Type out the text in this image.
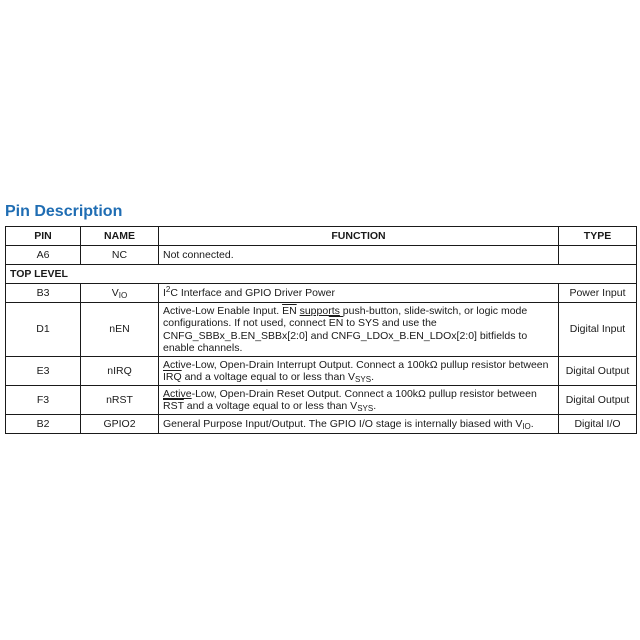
Pin Description
PIN	NAME	FUNCTION	TYPE
A6	NC	Not connected.	
TOP LEVEL			
B3	$V_{IO}$	$I^2C$ Interface and GPIO Driver Power	Power Input
D1	nEN	Active-Low Enable Input. $\overline{EN}$ supports push-button, slide-switch, or logic mode configurations. If not used, connect $\overline{EN}$ to SYS and use the CNFG_SBBx_B.EN_SBBx[2:0] and CNFG_LDOx_B.EN_LDOx[2:0] bitfields to enable channels.	Digital Input
E3	nIRQ	Active-Low, Open-Drain Interrupt Output. Connect a 100kΩ pullup resistor between $\overline{IRQ}$ and a voltage equal to or less than $V_{SYS}$.	Digital Output
F3	nRST	Active-Low, Open-Drain Reset Output. Connect a 100kΩ pullup resistor between $\overline{RST}$ and a voltage equal to or less than $V_{SYS}$.	Digital Output
B2	GPIO2	General Purpose Input/Output. The GPIO I/O stage is internally biased with $V_{IO}$.	Digital I/O
